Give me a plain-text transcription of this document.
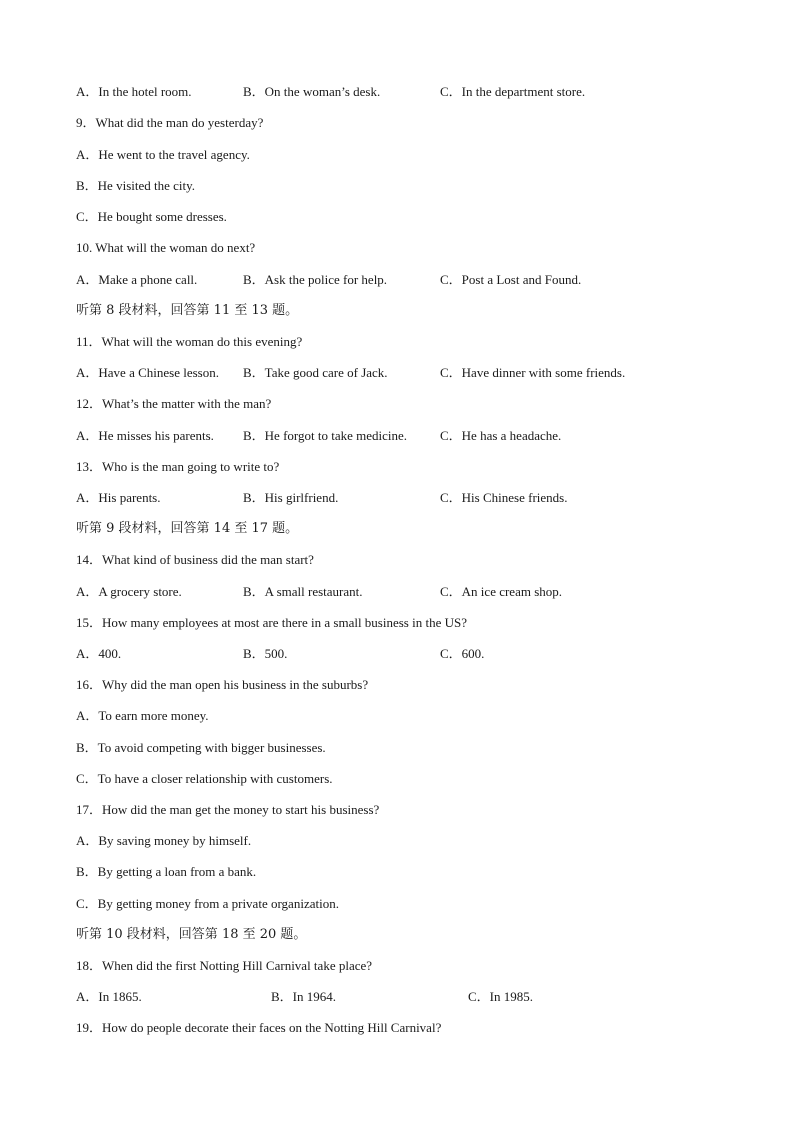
A．In the hotel room.	B．On the woman’s desk.	C．In the department store.
9．What did the man do yesterday?
A．He went to the travel agency.
B．He visited the city.
C．He bought some dresses.
10. What will the woman do next?
A．Make a phone call.	B．Ask the police for help.	C．Post a Lost and Found.
听第 8 段材料，回答第 11 至 13 题。
11．What will the woman do this evening?
A．Have a Chinese lesson. B．Take good care of Jack.	C．Have dinner with some friends.
12．What’s the matter with the man?
A．He misses his parents. B．He forgot to take medicine.	C．He has a headache.
13．Who is the man going to write to?
A．His parents.	B．His girlfriend.	C．His Chinese friends.
听第 9 段材料，回答第 14 至 17 题。
14．What kind of business did the man start?
A．A grocery store.	B．A small restaurant.	C．An ice cream shop.
15．How many employees at most are there in a small business in the US?
A．400.	B．500.	C．600.
16．Why did the man open his business in the suburbs?
A．To earn more money.
B．To avoid competing with bigger businesses.
C．To have a closer relationship with customers.
17．How did the man get the money to start his business?
A．By saving money by himself.
B．By getting a loan from a bank.
C．By getting money from a private organization.
听第 10 段材料，回答第 18 至 20 题。
18．When did the first Notting Hill Carnival take place?
A．In 1865.	B．In 1964.	C．In 1985.
19．How do people decorate their faces on the Notting Hill Carnival?
